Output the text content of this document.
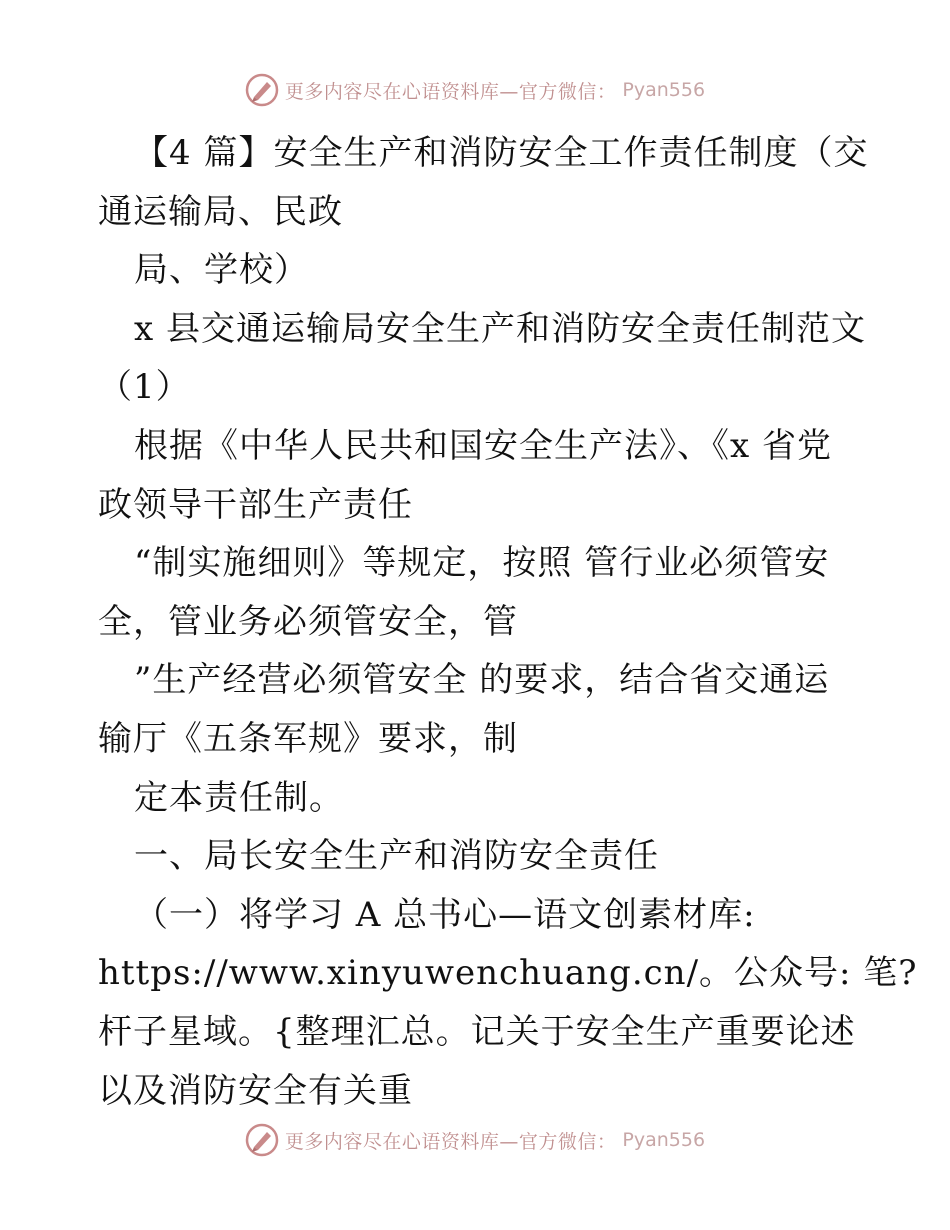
更多内容尽在心语资料库—官方微信： Pyan556
【4 篇】安全生产和消防安全工作责任制度（交
通运输局、民政
局、学校）
x 县交通运输局安全生产和消防安全责任制范文
（1）
根据《中华人民共和国安全生产法》、《x 省党
政领导干部生产责任
“制实施细则》等规定，按照 管行业必须管安
全，管业务必须管安全，管
”生产经营必须管安全 的要求，结合省交通运
输厅《五条军规》要求，制
定本责任制。
一、局长安全生产和消防安全责任
（一）将学习 A 总书心—语文创素材库:
https://www.xinyuwenchuang.cn/。公众号: 笔?
杆子星域。{整理汇总。记关于安全生产重要论述
以及消防安全有关重
更多内容尽在心语资料库—官方微信： Pyan556
